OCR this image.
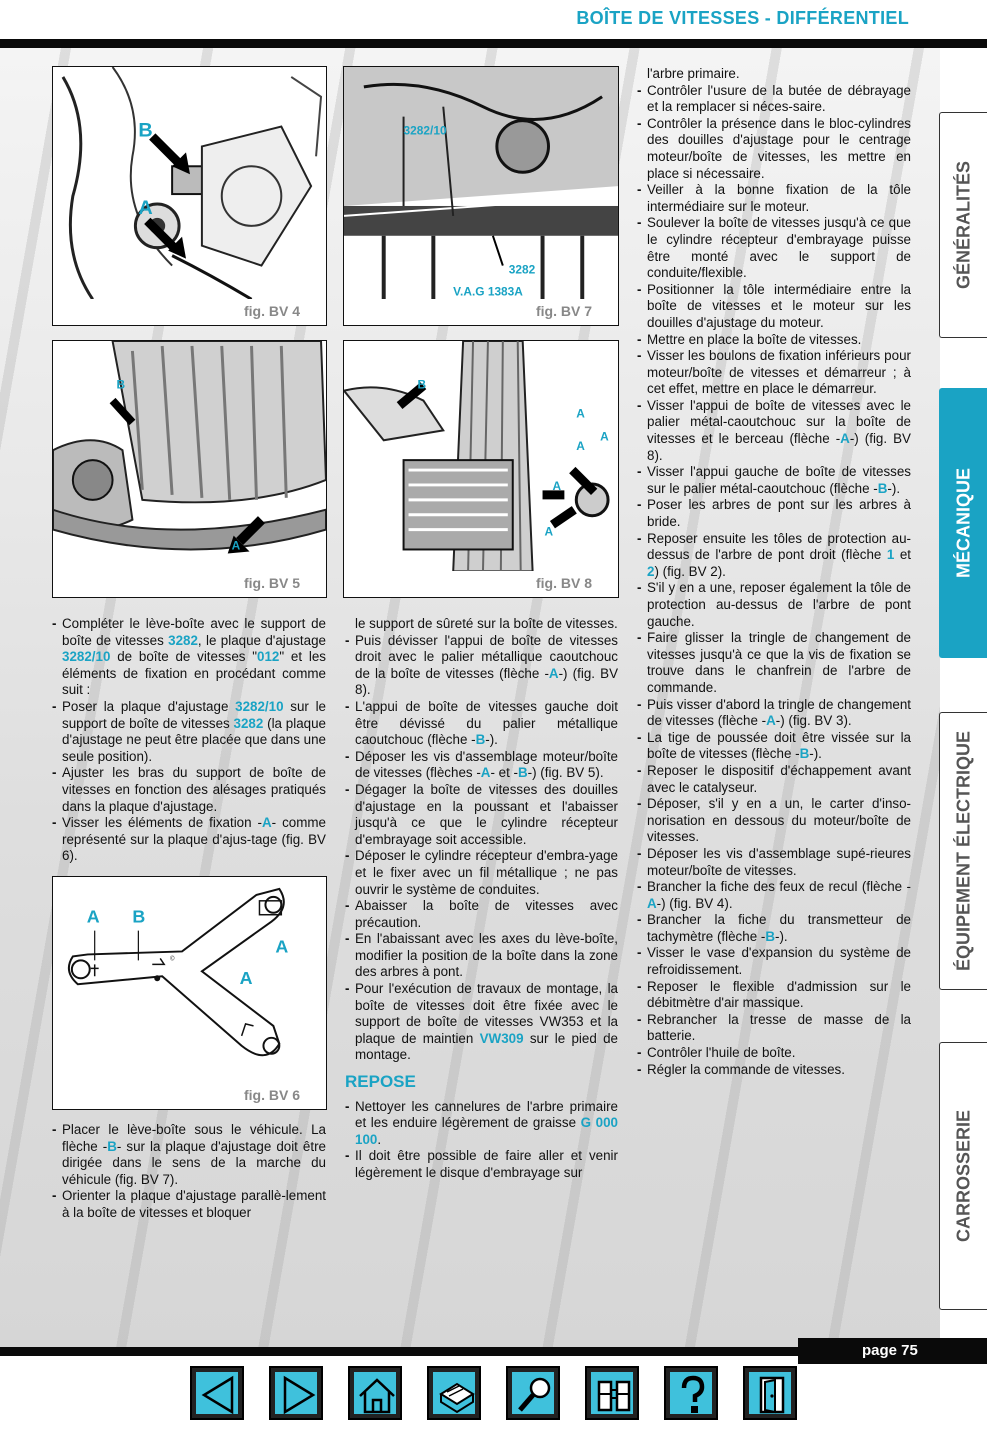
BOÎTE DE VITESSES - DIFFÉRENTIEL
B
A
fig. BV 4
3282/10
3282
V.A.G 1383A
fig. BV 7
B
A
fig. BV 5
B
A
A
A
A
A
fig. BV 8
- Compléter le lève-boîte avec le support de boîte de vitesses 3282, le plaque d'ajustage 3282/10 de boîte de vitesses "012" et les éléments de fixation en procédant comme suit :
- Poser la plaque d'ajustage 3282/10 sur le support de boîte de vitesses 3282 (la plaque d'ajustage ne peut être placée que dans une seule position).
- Ajuster les bras du support de boîte de vitesses en fonction des alésages pratiqués dans la plaque d'ajustage.
- Visser les éléments de fixation -A- comme représenté sur la plaque d'ajus-tage (fig. BV 6).
©
A B
A
A
fig. BV 6
- Placer le lève-boîte sous le véhicule. La flèche -B- sur la plaque d'ajustage doit être dirigée dans le sens de la marche du véhicule (fig. BV 7).
- Orienter la plaque d'ajustage parallè-lement à la boîte de vitesses et bloquer
le support de sûreté sur la boîte de vitesses.
- Puis dévisser l'appui de boîte de vitesses droit avec le palier métallique caoutchouc de la boîte de vitesses (flèche -A-) (fig. BV 8).
- L'appui de boîte de vitesses gauche doit être dévissé du palier métallique caoutchouc (flèche -B-).
- Déposer les vis d'assemblage moteur/boîte de vitesses (flèches -A- et -B-) (fig. BV 5).
- Dégager la boîte de vitesses des douilles d'ajustage en la poussant et l'abaisser jusqu'à ce que le cylindre récepteur d'embrayage soit accessible.
- Déposer le cylindre récepteur d'embra-yage et le fixer avec un fil métallique ; ne pas ouvrir le système de conduites.
- Abaisser la boîte de vitesses avec précaution.
- En l'abaissant avec les axes du lève-boîte, modifier la position de la boîte dans la zone des arbres à pont.
- Pour l'exécution de travaux de montage, la boîte de vitesses doit être fixée avec le support de boîte de vitesses VW353 et la plaque de maintien VW309 sur le pied de montage.
REPOSE
- Nettoyer les cannelures de l'arbre primaire et les enduire légèrement de graisse G 000 100.
- Il doit être possible de faire aller et venir légèrement le disque d'embrayage sur
l'arbre primaire.
- Contrôler l'usure de la butée de débrayage et la remplacer si néces-saire.
- Contrôler la présence dans le bloc-cylindres des douilles d'ajustage pour le centrage moteur/boîte de vitesses, les mettre en place si nécessaire.
- Veiller à la bonne fixation de la tôle intermédiaire sur le moteur.
- Soulever la boîte de vitesses jusqu'à ce que le cylindre récepteur d'embrayage puisse être monté avec le support de conduite/flexible.
- Positionner la tôle intermédiaire entre la boîte de vitesses et le moteur sur les douilles d'ajustage du moteur.
- Mettre en place la boîte de vitesses.
- Visser les boulons de fixation inférieurs pour moteur/boîte de vitesses et démarreur ; à cet effet, mettre en place le démarreur.
- Visser l'appui de boîte de vitesses avec le palier métal-caoutchouc sur la boîte de vitesses et le berceau (flèche -A-) (fig. BV 8).
- Visser l'appui gauche de boîte de vitesses sur le palier métal-caoutchouc (flèche -B-).
- Poser les arbres de pont sur les arbres à bride.
- Reposer ensuite les tôles de protection au-dessus de l'arbre de pont droit (flèche 1 et 2) (fig. BV 2).
- S'il y en a une, reposer également la tôle de protection au-dessus de l'arbre de pont gauche.
- Faire glisser la tringle de changement de vitesses jusqu'à ce que la vis de fixation se trouve dans le chanfrein de l'arbre de commande.
- Puis visser d'abord la tringle de changement de vitesses (flèche -A-) (fig. BV 3).
- La tige de poussée doit être vissée sur la boîte de vitesses (flèche -B-).
- Reposer le dispositif d'échappement avant avec le catalyseur.
- Déposer, s'il y en a un, le carter d'inso-norisation en dessous du moteur/boîte de vitesses.
- Déposer les vis d'assemblage supé-rieures moteur/boîte de vitesses.
- Brancher la fiche des feux de recul (flèche -A-) (fig. BV 4).
- Brancher la fiche du transmetteur de tachymètre (flèche -B-).
- Visser le vase d'expansion du système de refroidissement.
- Reposer le flexible d'admission sur le débitmètre d'air massique.
- Rebrancher la tresse de masse de la batterie.
- Contrôler l'huile de boîte.
- Régler la commande de vitesses.
GÉNÉRALITÉS
MÉCANIQUE
ÉQUIPEMENT ÉLECTRIQUE
CARROSSERIE
page 75
